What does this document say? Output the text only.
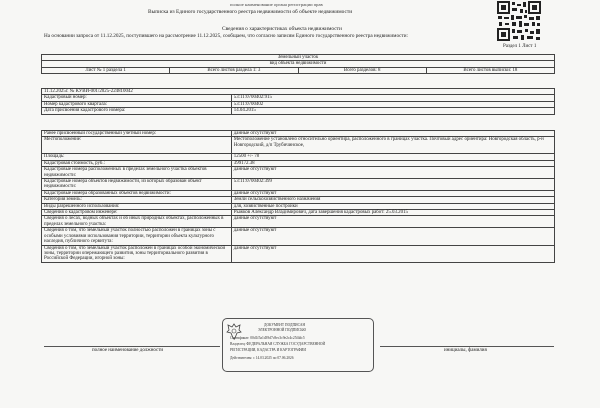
полное наименование органа регистрации прав
Выписка из Единого государственного реестра недвижимости об объекте недвижимости
Сведения о характеристиках объекта недвижимости
На основании запроса от 11.12.2025, поступившего на рассмотрение 11.12.2025, сообщаем, что согласно записям Единого государственного реестра недвижимости:
Раздел 1 Лист 1
Земельный участок
вид объекта недвижимости
Лист № 1 раздела 1	Всего листов раздела 1: 3	Всего разделов: 8	Всего листов выписки: 18
11.12.2025г. № КУВИ-001/2025-224810042	
Кадастровый номер:	53:11:0700402:915
Номер кадастрового квартала:	53:11:0700402
Дата присвоения кадастрового номера:	14.04.2015
Ранее присвоенный государственный учетный номер:	данные отсутствуют
Местоположение:	Местоположение установлено относительно ориентира, расположенного в границах участка. Почтовый адрес ориентира: Новгородская область, р-н Новгородский, д/п Трубичинское,
Площадь:	12500 +/- 78
Кадастровая стоимость, руб.:	399172.38
Кадастровые номера расположенных в пределах земельного участка объектов недвижимости:	данные отсутствуют
Кадастровые номера объектов недвижимости, из которых образован объект недвижимости:	53:11:0700402:399
Кадастровые номера образованных объектов недвижимости:	данные отсутствуют
Категория земель:	Земли сельскохозяйственного назначения
Виды разрешенного использования:	для, хозяйственные постройки
Сведения о кадастровом инженере:	Рыжков Александр Владимирович, дата завершения кадастровых работ: 25.03.2015
Сведения о лесах, водных объектах и об иных природных объектах, расположенных в пределах земельного участка:	данные отсутствуют
Сведения о том, что земельный участок полностью расположен в границах зоны с особыми условиями использования территории, территории объекта культурного наследия, публичного сервитута:	данные отсутствуют
Сведения о том, что земельный участок расположен в границах особой экономической зоны, территории опережающего развития, зоны территориального развития в Российской Федерации, игорной зоны:	данные отсутствуют
ДОКУМЕНТ ПОДПИСАН
ЭЛЕКТРОННОЙ ПОДПИСЬЮ
Сертификат: 00d1f5a1d39d7c8ec3c9e2c4c25f4dc5
Владелец: ФЕДЕРАЛЬНАЯ СЛУЖБА ГОСУДАРСТВЕННОЙ
РЕГИСТРАЦИИ, КАДАСТРА И КАРТОГРАФИИ
Действителен: с 14.03.2025 по 07.06.2026
полное наименование должности	инициалы, фамилия
